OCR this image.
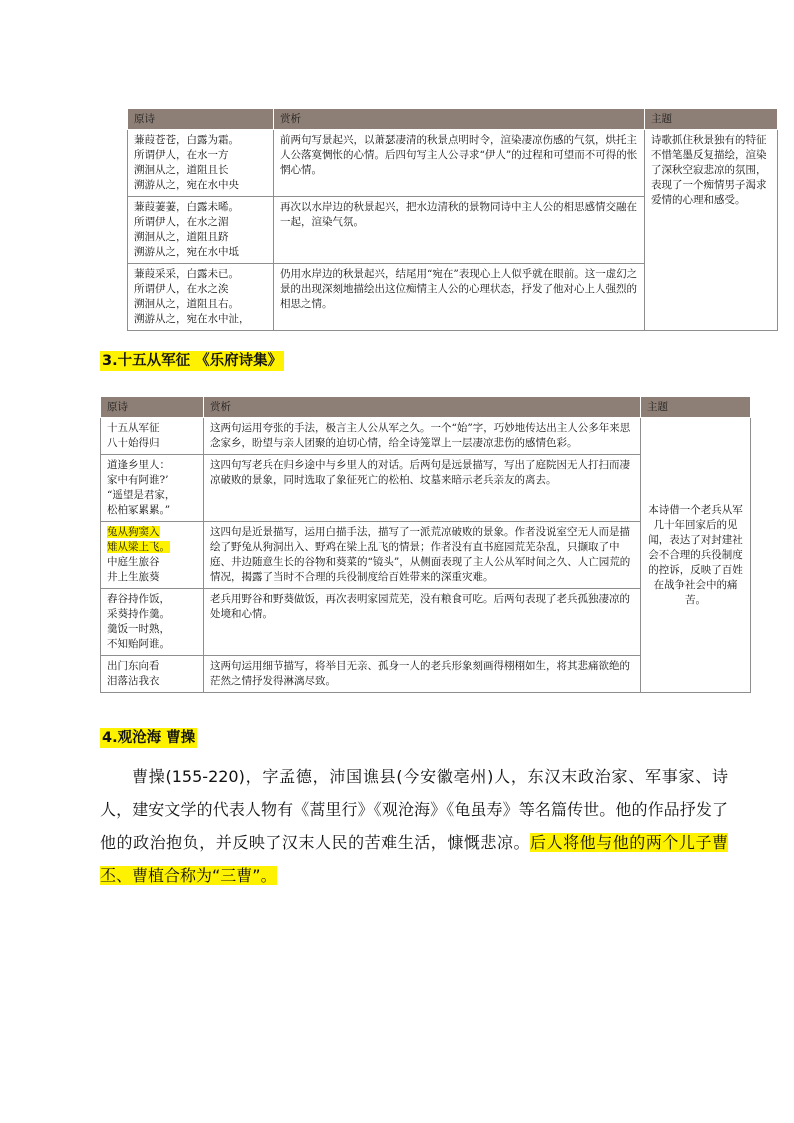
原诗	赏析	主题
蒹葭苍苍，白露为霜。
所谓伊人，在水一方
溯洄从之，道阻且长
溯游从之，宛在水中央	前两句写景起兴，以萧瑟凄清的秋景点明时令，渲染凄凉伤感的气氛，烘托主人公落寞惆怅的心情。后四句写主人公寻求“伊人”的过程和可望而不可得的怅惘心情。	诗歌抓住秋景独有的特征不惜笔墨反复描绘，渲染了深秋空寂悲凉的氛围，表现了一个痴情男子渴求爱情的心理和感受。
蒹葭萋萋，白露未晞。
所谓伊人，在水之湄
溯洄从之，道阻且跻
溯游从之，宛在水中坻	再次以水岸边的秋景起兴，把水边清秋的景物同诗中主人公的相思感情交融在一起，渲染气氛。	
蒹葭采采，白露未已。
所谓伊人，在水之涘
溯洄从之，道阻且右。
溯游从之，宛在水中沚，	仍用水岸边的秋景起兴，结尾用“宛在”表现心上人似乎就在眼前。这一虚幻之景的出现深刻地描绘出这位痴情主人公的心理状态，抒发了他对心上人强烈的相思之情。	
3.十五从军征 《乐府诗集》
原诗	赏析	主题
十五从军征
八十始得归	这两句运用夸张的手法，极言主人公从军之久。一个“始”字，巧妙地传达出主人公多年来思念家乡，盼望与亲人团聚的迫切心情，给全诗笼罩上一层凄凉悲伤的感情色彩。	本诗借一个老兵从军几十年回家后的见闻，表达了对封建社会不合理的兵役制度的控诉，反映了百姓在战争社会中的痛苦。
道逢乡里人：
家中有阿谁?’
“遥望是君家，
松柏冢累累。”	这四句写老兵在归乡途中与乡里人的对话。后两句是远景描写，写出了庭院因无人打扫而凄凉破败的景象，同时选取了象征死亡的松柏、坟墓来暗示老兵亲友的离去。	
兔从狗窦入
雉从梁上飞。
中庭生旅谷
井上生旅葵	这四句是近景描写，运用白描手法，描写了一派荒凉破败的景象。作者没说室空无人而是描绘了野兔从狗洞出入、野鸡在梁上乱飞的情景；作者没有直书庭园荒芜杂乱，只撷取了中庭、井边随意生长的谷物和葵菜的“镜头”，从侧面表现了主人公从军时间之久、人亡园荒的情况，揭露了当时不合理的兵役制度给百姓带来的深重灾难。	
舂谷持作饭，
采葵持作羹。
羹饭一时熟，
不知贻阿谁。	老兵用野谷和野葵做饭，再次表明家园荒芜，没有粮食可吃。后两句表现了老兵孤独凄凉的处境和心情。	
出门东向看
泪落沾我衣	这两句运用细节描写，将举目无亲、孤身一人的老兵形象刻画得栩栩如生，将其悲痛欲绝的茫然之情抒发得淋漓尽致。	
4.观沧海 曹操

曹操(155-220)，字孟德，沛国谯县(今安徽亳州)人，东汉末政治家、军事家、诗人，建安文学的代表人物有《蒿里行》《观沧海》《龟虽寿》等名篇传世。他的作品抒发了他的政治抱负，并反映了汉末人民的苦难生活，慷慨悲凉。后人将他与他的两个儿子曹丕、曹植合称为“三曹”。
